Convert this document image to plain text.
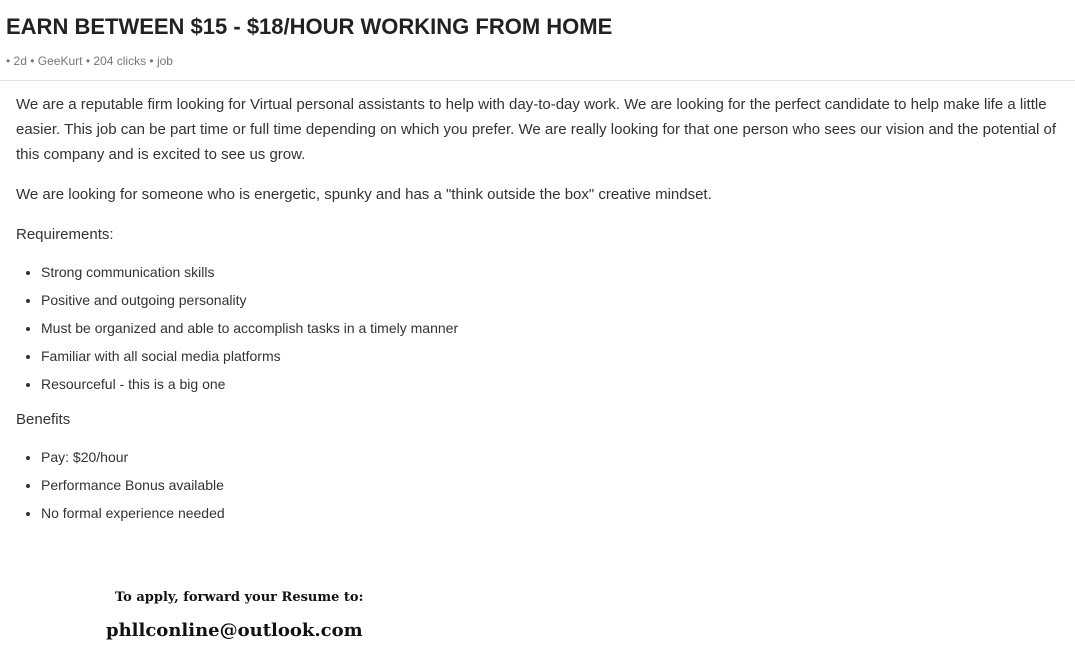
EARN BETWEEN $15 - $18/HOUR WORKING FROM HOME
• 2d • GeeKurt • 204 clicks • job

We are a reputable firm looking for Virtual personal assistants to help with day-to-day work. We are looking for the perfect candidate to help make life a little easier. This job can be part time or full time depending on which you prefer. We are really looking for that one person who sees our vision and the potential of this company and is excited to see us grow.

We are looking for someone who is energetic, spunky and has a "think outside the box" creative mindset.

Requirements:

• Strong communication skills
• Positive and outgoing personality
• Must be organized and able to accomplish tasks in a timely manner
• Familiar with all social media platforms
• Resourceful - this is a big one

Benefits

• Pay: $20/hour
• Performance Bonus available
• No formal experience needed
To apply, forward your Resume to:
phllconline@outlook.com
